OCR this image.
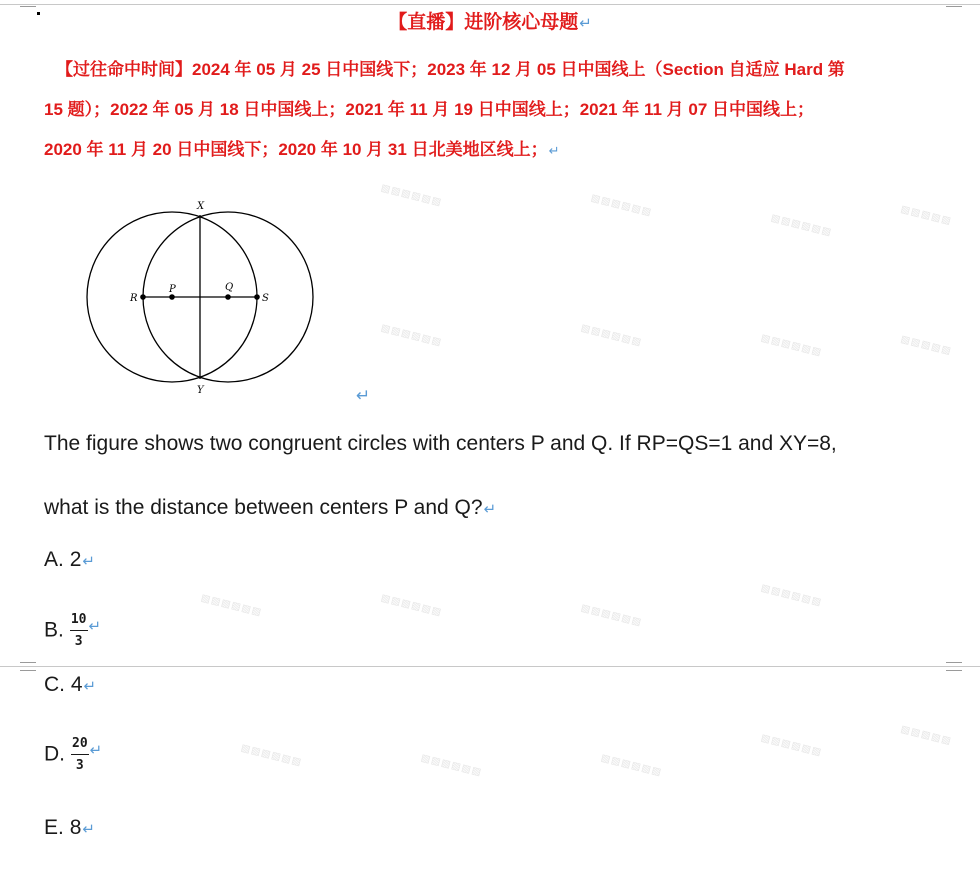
▨▨▨▨▨▨	▨▨▨▨▨▨
▨▨▨▨▨▨	▨▨▨▨▨
▨▨▨▨▨▨	▨▨▨▨▨▨	▨▨▨▨▨▨	▨▨▨▨▨
▨▨▨▨▨▨	▨▨▨▨▨▨	▨▨▨▨▨▨
▨▨▨▨▨▨
▨▨▨▨▨▨	▨▨▨▨▨▨	▨▨▨▨▨▨
▨▨▨▨▨▨	▨▨▨▨▨
【直播】进阶核心母题↵
【过往命中时间】2024 年 05 月 25 日中国线下；2023 年 12 月 05 日中国线上（Section 自适应 Hard 第
15 题）；2022 年 05 月 18 日中国线上；2021 年 11 月 19 日中国线上；2021 年 11 月 07 日中国线上；
2020 年 11 月 20 日中国线下；2020 年 10 月 31 日北美地区线上；↵
X
Y
R
P	Q
S
↵
The figure shows two congruent circles with centers P and Q. If RP=QS=1 and XY=8,
what is the distance between centers P and Q?↵
A. 2↵
B. $\frac{10}{3} ^↵$
C. 4↵
D. $\frac{20}{3} ^↵$
E. 8↵
